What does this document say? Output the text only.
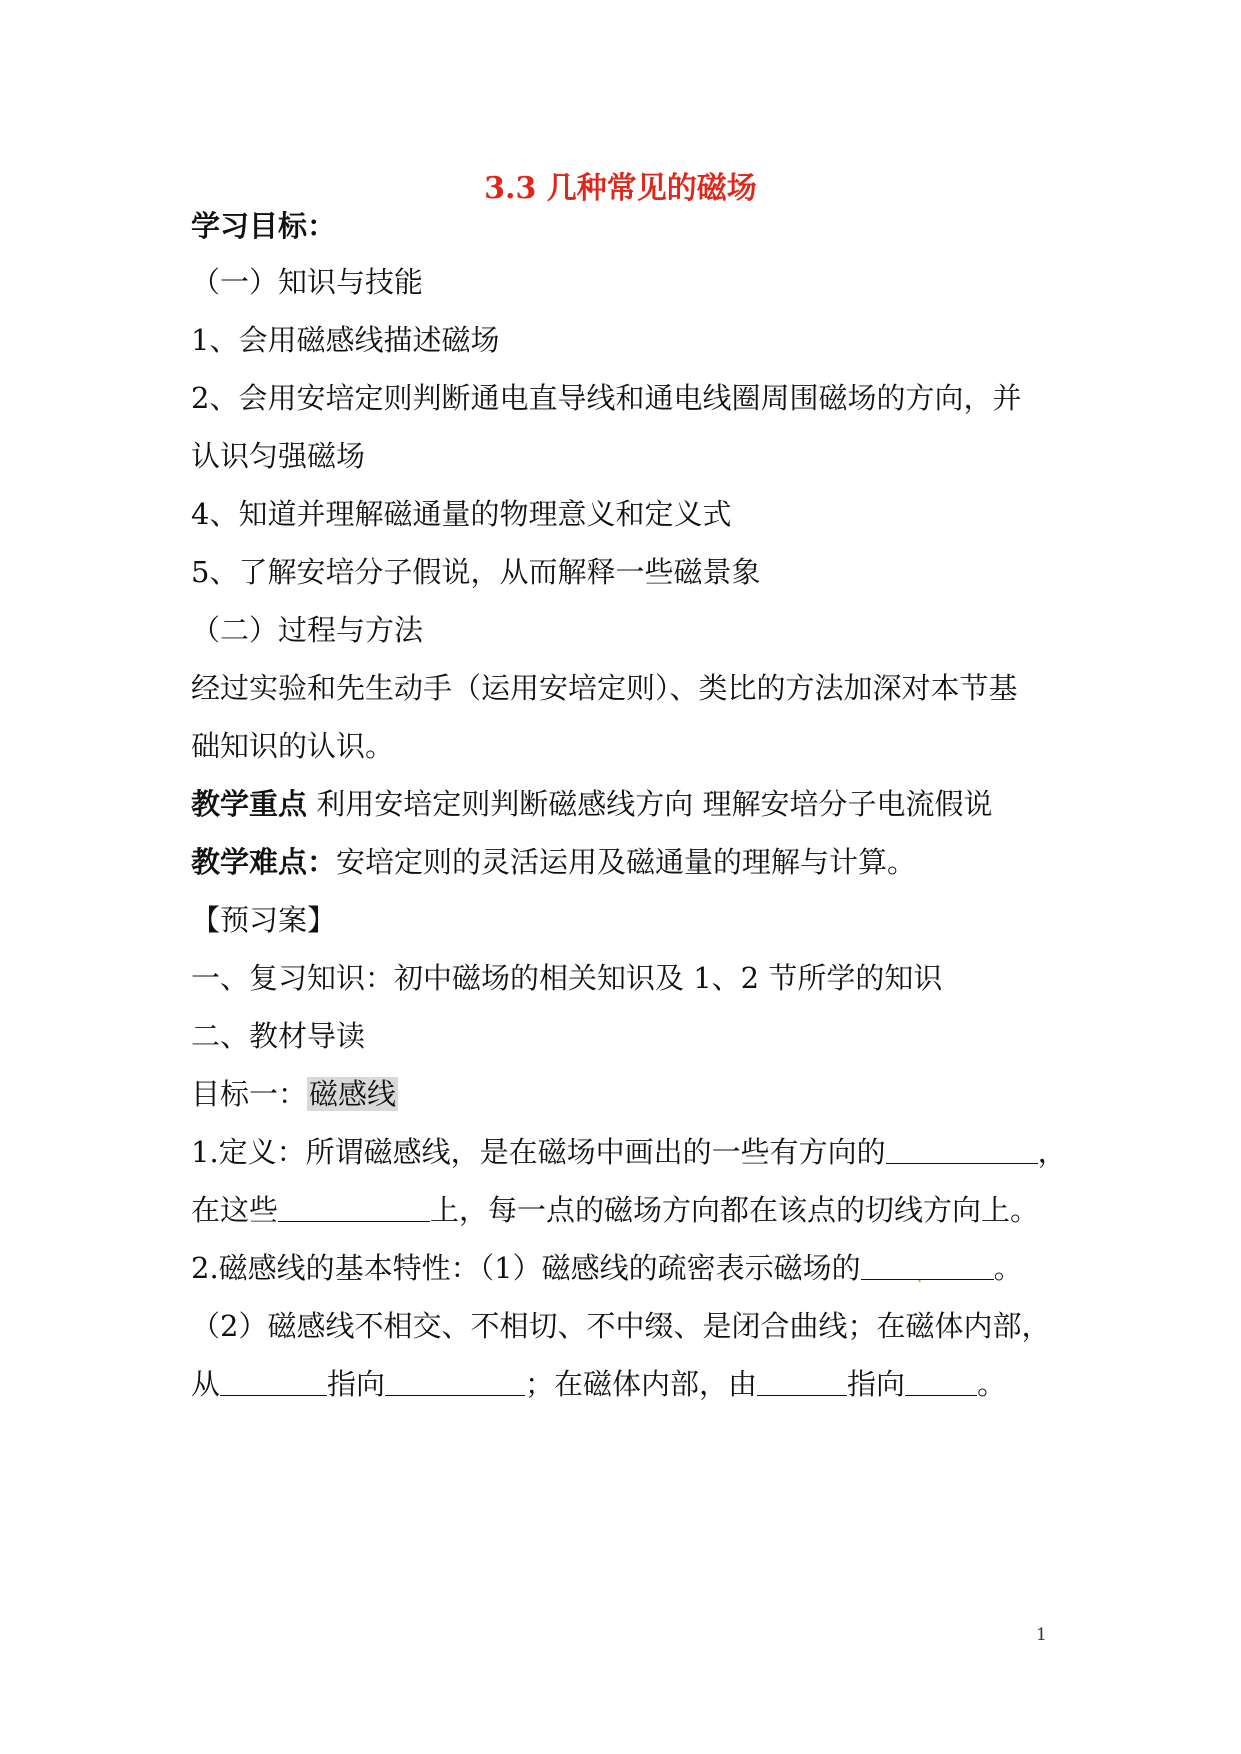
3.3 几种常见的磁场
学习目标：
（一）知识与技能
1、会用磁感线描述磁场
2、会用安培定则判断通电直导线和通电线圈周围磁场的方向，并
认识匀强磁场
4、知道并理解磁通量的物理意义和定义式
5、了解安培分子假说，从而解释一些磁景象
（二）过程与方法
经过实验和先生动手（运用安培定则）、类比的方法加深对本节基
础知识的认识。
教学重点 利用安培定则判断磁感线方向 理解安培分子电流假说
教学难点：安培定则的灵活运用及磁通量的理解与计算。
【预习案】
一、复习知识：初中磁场的相关知识及 1、2 节所学的知识
二、教材导读
目标一：磁感线
1.定义：所谓磁感线，是在磁场中画出的一些有方向的	，
在这些	上，每一点的磁场方向都在该点的切线方向上。
2.磁感线的基本特性：（1）磁感线的疏密表示磁场的	. 。
（2）磁感线不相交、不相切、不中缀、是闭合曲线；在磁体内部，
从	指向	；在磁体内部，由	指向 。
1
